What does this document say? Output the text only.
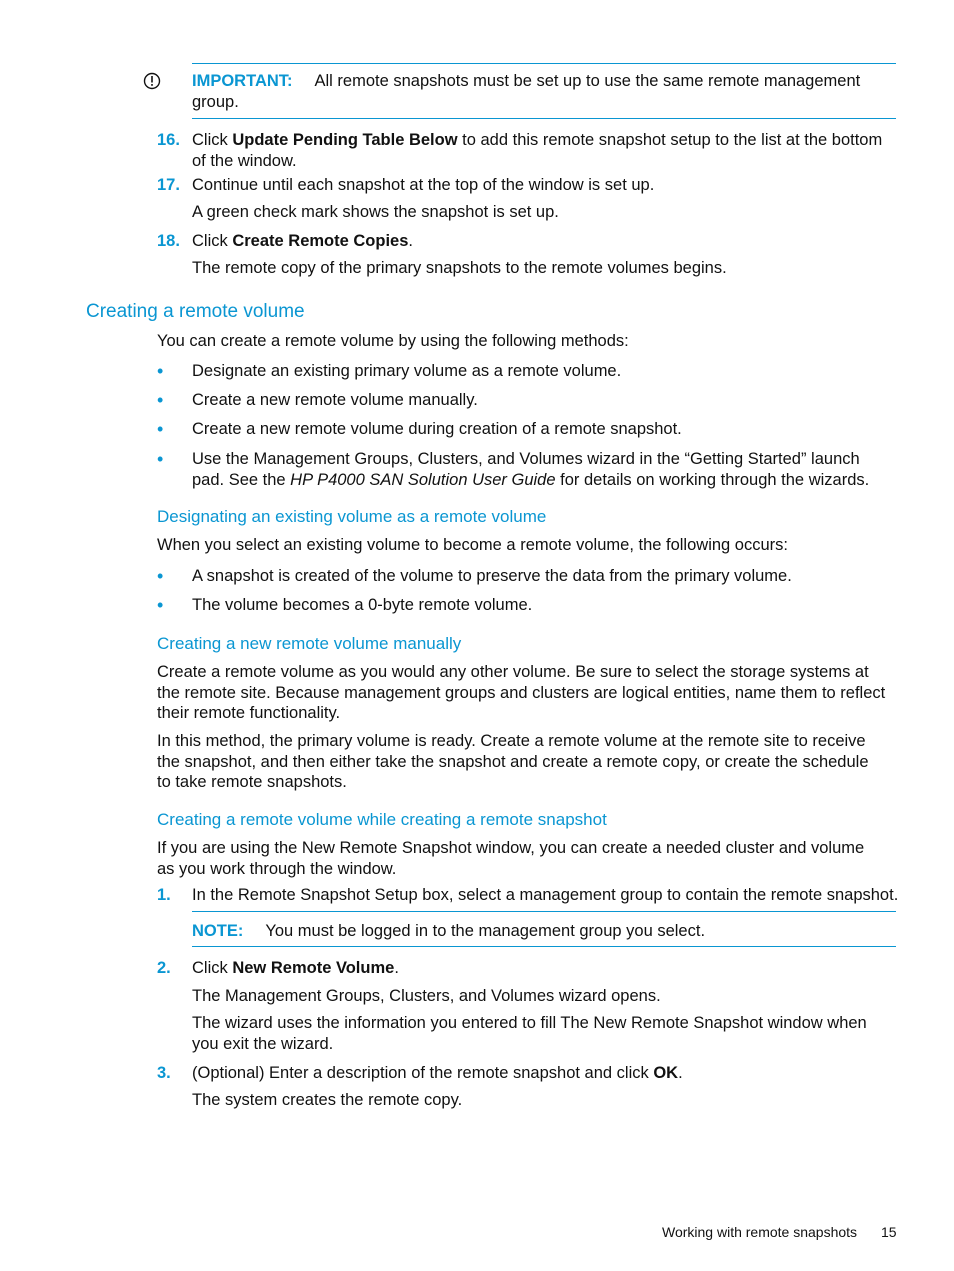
IMPORTANT: All remote snapshots must be set up to use the same remote management
group.
16. Click Update Pending Table Below to add this remote snapshot setup to the list at the bottom
of the window.
17. Continue until each snapshot at the top of the window is set up.
A green check mark shows the snapshot is set up.
18. Click Create Remote Copies.
The remote copy of the primary snapshots to the remote volumes begins.
Creating a remote volume
You can create a remote volume by using the following methods:
• Designate an existing primary volume as a remote volume.
• Create a new remote volume manually.
• Create a new remote volume during creation of a remote snapshot.
• Use the Management Groups, Clusters, and Volumes wizard in the “Getting Started” launch
pad. See the HP P4000 SAN Solution User Guide for details on working through the wizards.
Designating an existing volume as a remote volume
When you select an existing volume to become a remote volume, the following occurs:
• A snapshot is created of the volume to preserve the data from the primary volume.
• The volume becomes a 0-byte remote volume.
Creating a new remote volume manually
Create a remote volume as you would any other volume. Be sure to select the storage systems at
the remote site. Because management groups and clusters are logical entities, name them to reflect
their remote functionality.
In this method, the primary volume is ready. Create a remote volume at the remote site to receive
the snapshot, and then either take the snapshot and create a remote copy, or create the schedule
to take remote snapshots.
Creating a remote volume while creating a remote snapshot
If you are using the New Remote Snapshot window, you can create a needed cluster and volume
as you work through the window.
1. In the Remote Snapshot Setup box, select a management group to contain the remote snapshot.
NOTE: You must be logged in to the management group you select.
2. Click New Remote Volume.
The Management Groups, Clusters, and Volumes wizard opens.
The wizard uses the information you entered to fill The New Remote Snapshot window when
you exit the wizard.
3. (Optional) Enter a description of the remote snapshot and click OK.
The system creates the remote copy.
Working with remote snapshots 15
